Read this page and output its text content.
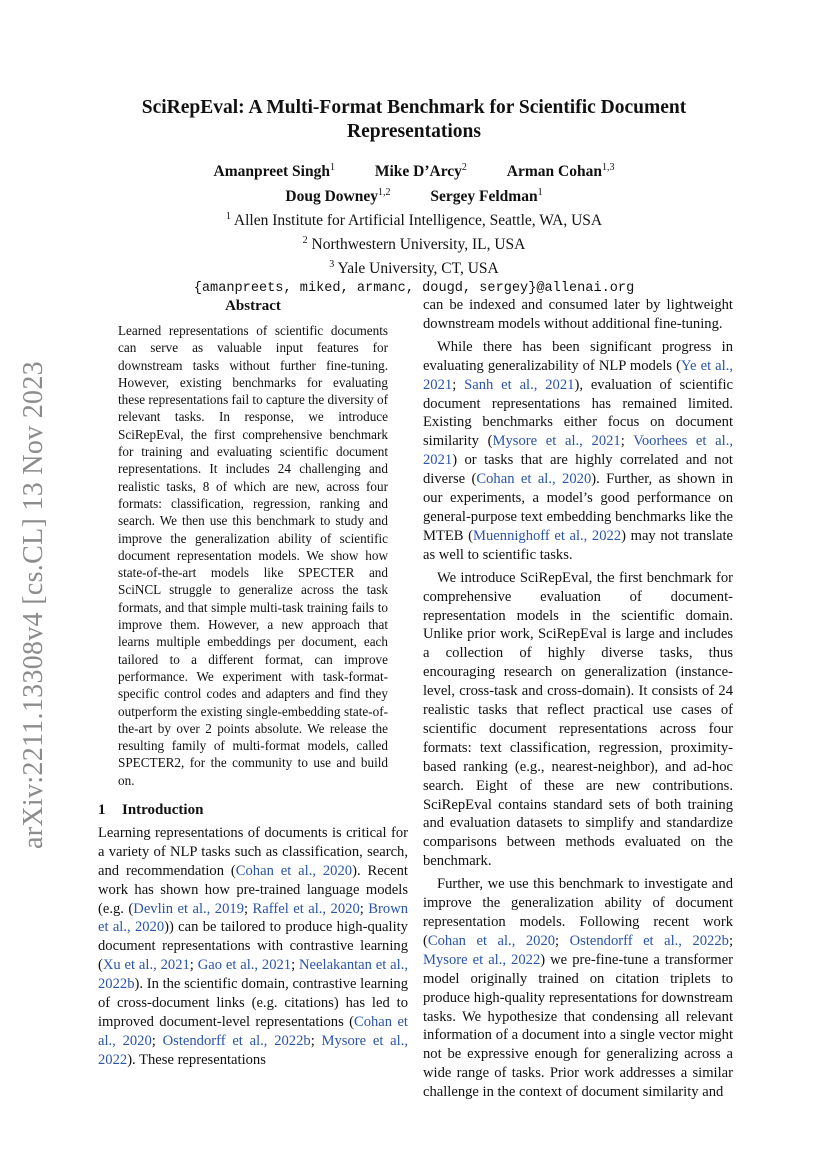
arXiv:2211.13308v4 [cs.CL] 13 Nov 2023
SciRepEval: A Multi-Format Benchmark for Scientific Document
Representations
Amanpreet Singh$^1$	Mike D’Arcy$^2$	Arman Cohan$^{1,3}$
Doug Downey$^{1,2}$	Sergey Feldman$^1$
$^1$ Allen Institute for Artificial Intelligence, Seattle, WA, USA
$^2$ Northwestern University, IL, USA
$^3$ Yale University, CT, USA
{amanpreets, miked, armanc, dougd, sergey}@allenai.org
Abstract
Learned representations of scientific documents can serve as valuable input features for downstream tasks without further fine-tuning. However, existing benchmarks for evaluating these representations fail to capture the diversity of relevant tasks. In response, we introduce SciRepEval, the first comprehensive benchmark for training and evaluating scientific document representations. It includes 24 challenging and realistic tasks, 8 of which are new, across four formats: classification, regression, ranking and search. We then use this benchmark to study and improve the generalization ability of scientific document representation models. We show how state-of-the-art models like SPECTER and SciNCL struggle to generalize across the task formats, and that simple multi-task training fails to improve them. However, a new approach that learns multiple embeddings per document, each tailored to a different format, can improve performance. We experiment with task-format-specific control codes and adapters and find they outperform the existing single-embedding state-of-the-art by over 2 points absolute. We release the resulting family of multi-format models, called SPECTER2, for the community to use and build on.
1 Introduction

Learning representations of documents is critical for a variety of NLP tasks such as classification, search, and recommendation (Cohan et al., 2020). Recent work has shown how pre-trained language models (e.g. (Devlin et al., 2019; Raffel et al., 2020; Brown et al., 2020)) can be tailored to produce high-quality document representations with contrastive learning (Xu et al., 2021; Gao et al., 2021; Neelakantan et al., 2022b). In the scientific domain, contrastive learning of cross-document links (e.g. citations) has led to improved document-level representations (Cohan et al., 2020; Ostendorff et al., 2022b; Mysore et al., 2022). These representations

can be indexed and consumed later by lightweight downstream models without additional fine-tuning.

While there has been significant progress in evaluating generalizability of NLP models (Ye et al., 2021; Sanh et al., 2021), evaluation of scientific document representations has remained limited. Existing benchmarks either focus on document similarity (Mysore et al., 2021; Voorhees et al., 2021) or tasks that are highly correlated and not diverse (Cohan et al., 2020). Further, as shown in our experiments, a model’s good performance on general-purpose text embedding benchmarks like the MTEB (Muennighoff et al., 2022) may not translate as well to scientific tasks.

We introduce SciRepEval, the first benchmark for comprehensive evaluation of document-representation models in the scientific domain. Unlike prior work, SciRepEval is large and includes a collection of highly diverse tasks, thus encouraging research on generalization (instance-level, cross-task and cross-domain). It consists of 24 realistic tasks that reflect practical use cases of scientific document representations across four formats: text classification, regression, proximity-based ranking (e.g., nearest-neighbor), and ad-hoc search. Eight of these are new contributions. SciRepEval contains standard sets of both training and evaluation datasets to simplify and standardize comparisons between methods evaluated on the benchmark.

Further, we use this benchmark to investigate and improve the generalization ability of document representation models. Following recent work (Cohan et al., 2020; Ostendorff et al., 2022b; Mysore et al., 2022) we pre-fine-tune a transformer model originally trained on citation triplets to produce high-quality representations for downstream tasks. We hypothesize that condensing all relevant information of a document into a single vector might not be expressive enough for generalizing across a wide range of tasks. Prior work addresses a similar challenge in the context of document similarity and
